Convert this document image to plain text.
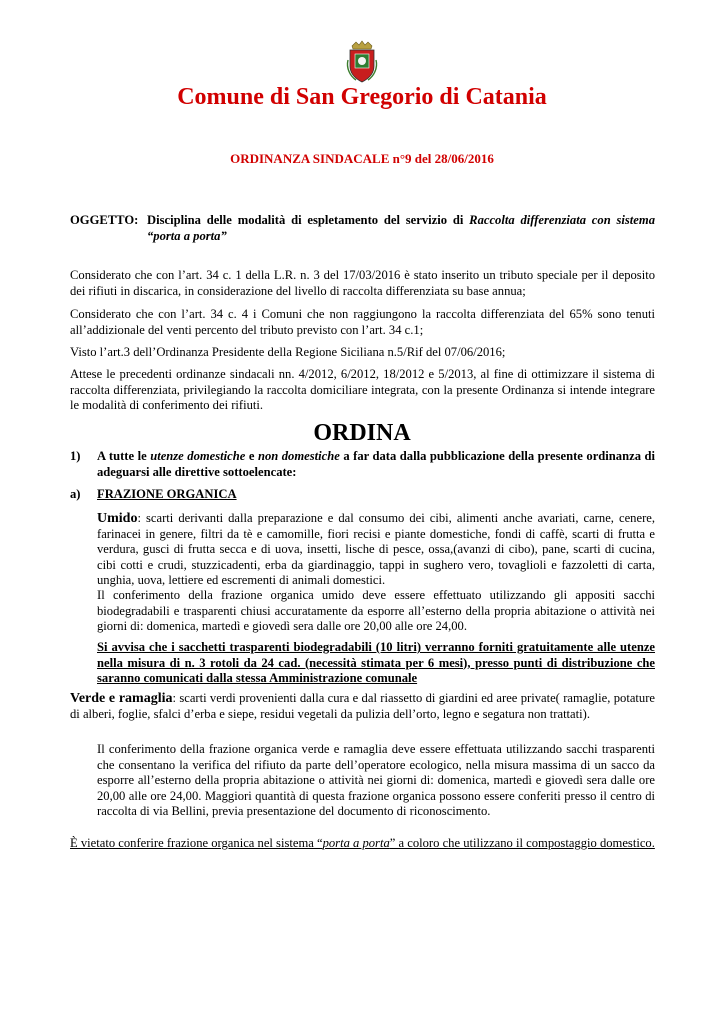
Comune di San Gregorio di Catania
ORDINANZA SINDACALE n°9 del 28/06/2016
OGGETTO: Disciplina delle modalità di espletamento del servizio di Raccolta differenziata con sistema “porta a porta”
Considerato che con l’art. 34 c. 1 della L.R. n. 3 del 17/03/2016 è stato inserito un tributo speciale per il deposito dei rifiuti in discarica, in considerazione del livello di raccolta differenziata su base annua;
Considerato che con l’art. 34 c. 4 i Comuni che non raggiungono la raccolta differenziata del 65% sono tenuti all’addizionale del venti percento del tributo previsto con l’art. 34 c.1;
Visto l’art.3 dell’Ordinanza Presidente della Regione Siciliana n.5/Rif del 07/06/2016;
Attese le precedenti ordinanze sindacali nn. 4/2012, 6/2012, 18/2012 e 5/2013, al fine di ottimizzare il sistema di raccolta differenziata, privilegiando la raccolta domiciliare integrata, con la presente Ordinanza si intende integrare le modalità di conferimento dei rifiuti.
ORDINA
1) A tutte le utenze domestiche e non domestiche a far data dalla pubblicazione della presente ordinanza di adeguarsi alle direttive sottoelencate:
a) FRAZIONE ORGANICA
Umido: scarti derivanti dalla preparazione e dal consumo dei cibi, alimenti anche avariati, carne, cenere, farinacei in genere, filtri da tè e camomille, fiori recisi e piante domestiche, fondi di caffè, scarti di frutta e verdura, gusci di frutta secca e di uova, insetti, lische di pesce, ossa,(avanzi di cibo), pane, scarti di cucina, cibi cotti e crudi, stuzzicadenti, erba da giardinaggio, tappi in sughero vero, tovaglioli e fazzoletti di carta, unghia, uova, lettiere ed escrementi di animali domestici.
Il conferimento della frazione organica umido deve essere effettuato utilizzando gli appositi sacchi biodegradabili e trasparenti chiusi accuratamente da esporre all’esterno della propria abitazione o attività nei giorni di: domenica, martedì e giovedì sera dalle ore 20,00 alle ore 24,00.
Si avvisa che i sacchetti trasparenti biodegradabili (10 litri) verranno forniti gratuitamente alle utenze nella misura di n. 3 rotoli da 24 cad. (necessità stimata per 6 mesi), presso punti di distribuzione che saranno comunicati dalla stessa Amministrazione comunale
Verde e ramaglia: scarti verdi provenienti dalla cura e dal riassetto di giardini ed aree private( ramaglie, potature di alberi, foglie, sfalci d’erba e siepe, residui vegetali da pulizia dell’orto, legno e segatura non trattati).
Il conferimento della frazione organica verde e ramaglia deve essere effettuata utilizzando sacchi trasparenti che consentano la verifica del rifiuto da parte dell’operatore ecologico, nella misura massima di un sacco da esporre all’esterno della propria abitazione o attività nei giorni di: domenica, martedì e giovedì sera dalle ore 20,00 alle ore 24,00. Maggiori quantità di questa frazione organica possono essere conferiti presso il centro di raccolta di via Bellini, previa presentazione del documento di riconoscimento.
È vietato conferire frazione organica nel sistema “porta a porta” a coloro che utilizzano il compostaggio domestico.
